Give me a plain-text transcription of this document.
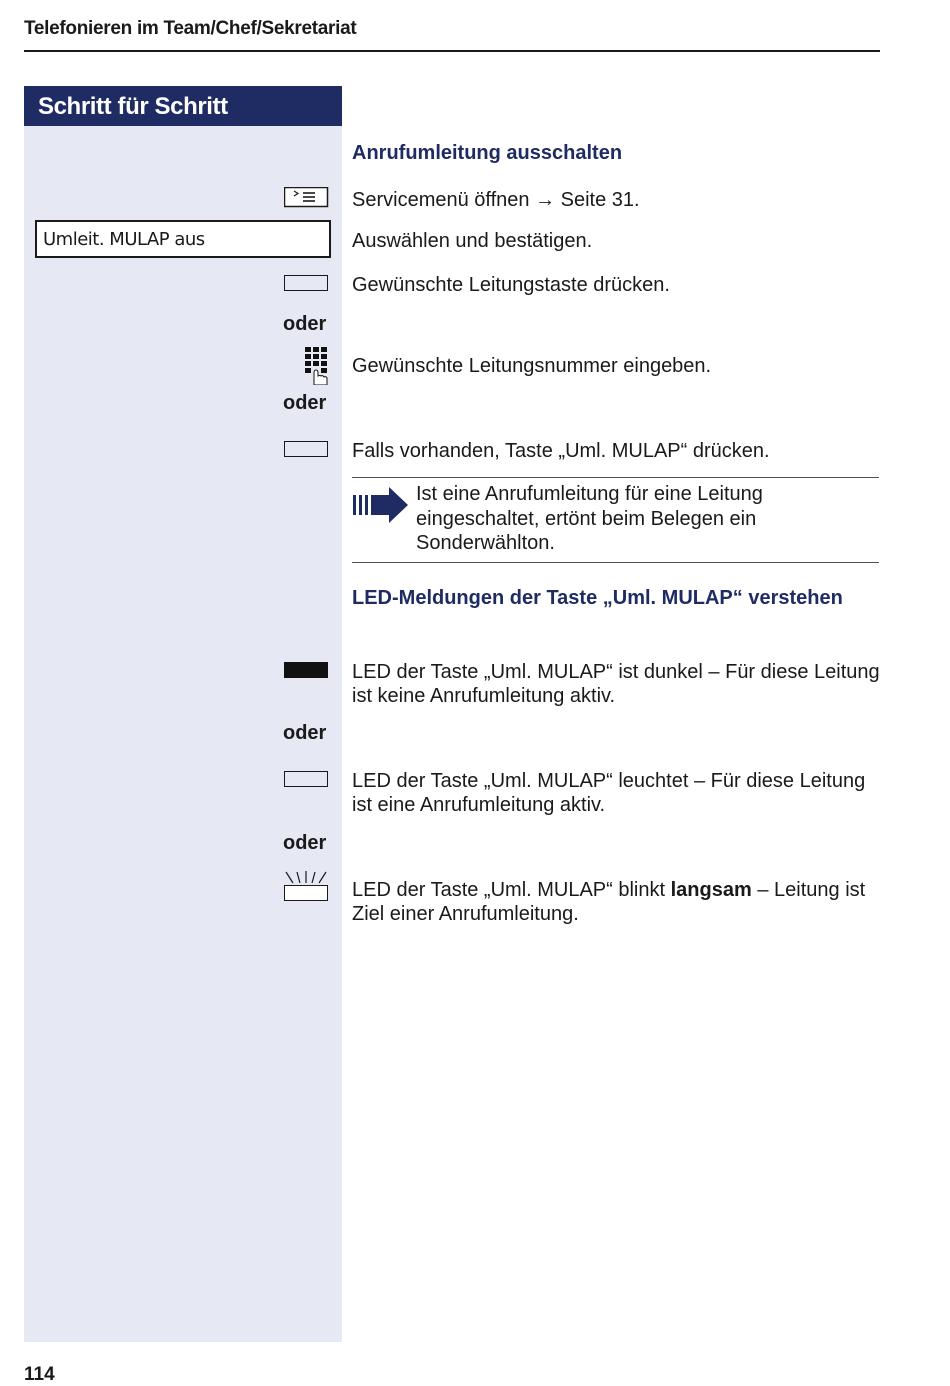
Telefonieren im Team/Chef/Sekretariat
Schritt für Schritt
Anrufumleitung ausschalten
Servicemenü öffnen → Seite 31.
Umleit. MULAP aus	Auswählen und bestätigen.
Gewünschte Leitungstaste drücken.
oder
Gewünschte Leitungsnummer eingeben.
oder
Falls vorhanden, Taste „Uml. MULAP“ drücken.
Ist eine Anrufumleitung für eine Leitung eingeschaltet, ertönt beim Belegen ein Sonderwählton.
LED-Meldungen der Taste „Uml. MULAP“ verstehen
LED der Taste „Uml. MULAP“ ist dunkel – Für diese Leitung ist keine Anrufumleitung aktiv.
oder
LED der Taste „Uml. MULAP“ leuchtet – Für diese Leitung ist eine Anrufumleitung aktiv.
oder
LED der Taste „Uml. MULAP“ blinkt langsam – Leitung ist Ziel einer Anrufumleitung.
114
